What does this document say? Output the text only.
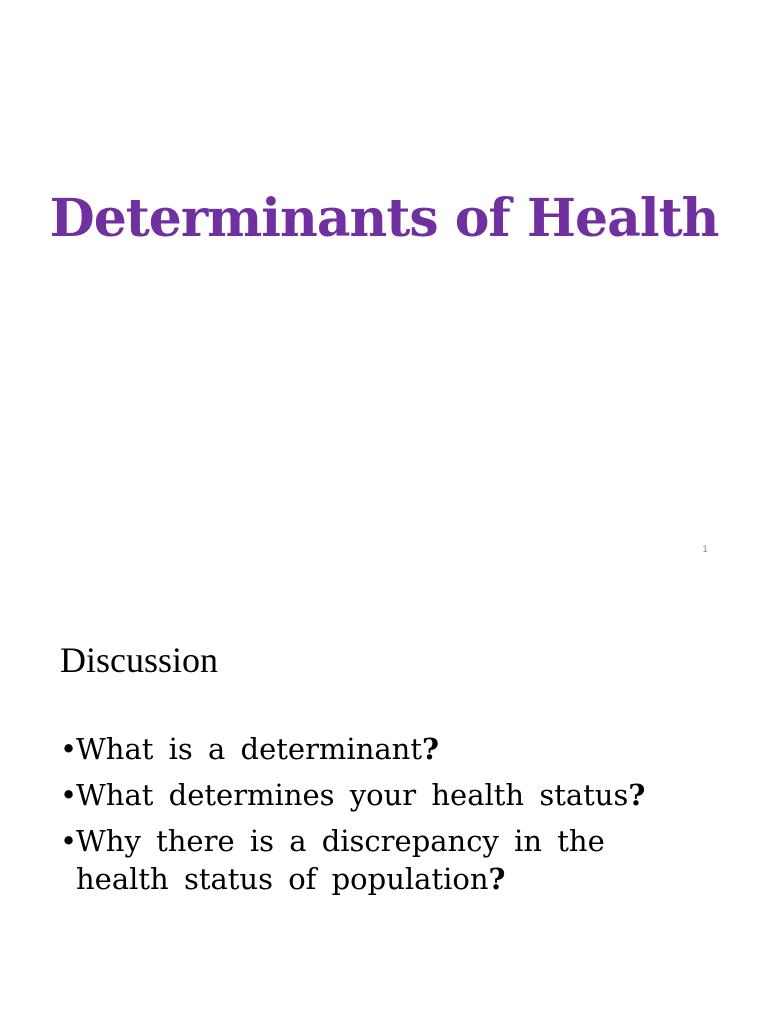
Determinants of Health
1
Discussion
•
What is a determinant?
•
What determines your health status?
•
Why there is a discrepancy in the health status of population?
